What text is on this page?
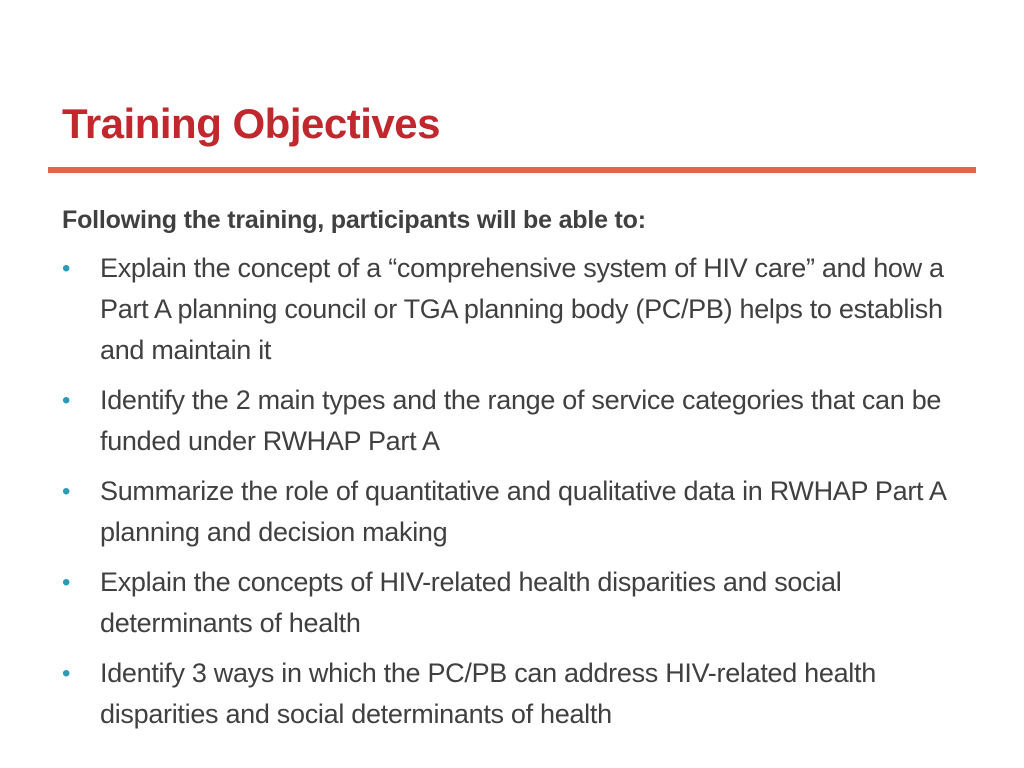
Training Objectives

Following the training, participants will be able to:

• Explain the concept of a “comprehensive system of HIV care” and how a Part A planning council or TGA planning body (PC/PB) helps to establish and maintain it
• Identify the 2 main types and the range of service categories that can be funded under RWHAP Part A
• Summarize the role of quantitative and qualitative data in RWHAP Part A planning and decision making
• Explain the concepts of HIV-related health disparities and social determinants of health
• Identify 3 ways in which the PC/PB can address HIV-related health disparities and social determinants of health
